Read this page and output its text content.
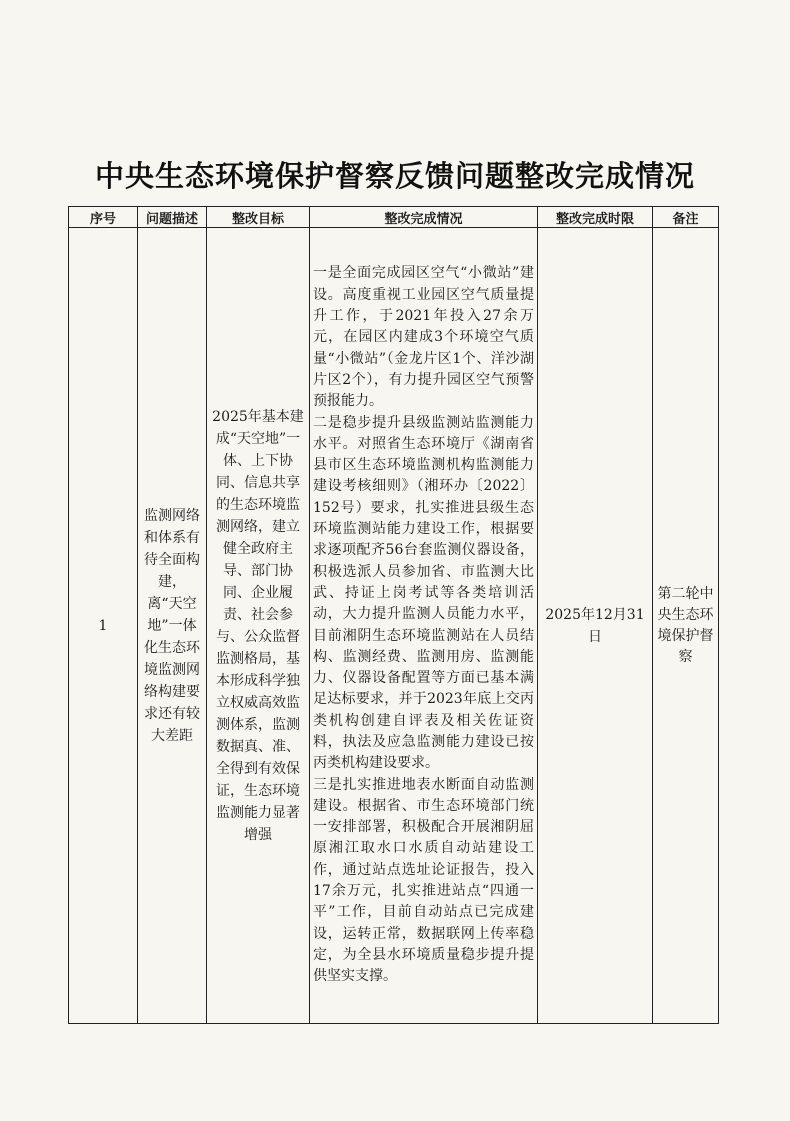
中央生态环境保护督察反馈问题整改完成情况
序号	问题描述	整改目标	整改完成情况	整改完成时限	备注
1	监测网络和体系有待全面构建，离“天空地”一体化生态环境监测网络构建要求还有较大差距	2025年基本建成“天空地”一体、上下协同、信息共享的生态环境监测网络，建立健全政府主导、部门协同、企业履责、社会参与、公众监督监测格局，基本形成科学独立权威高效监测体系，监测数据真、准、全得到有效保证，生态环境监测能力显著增强	一是全面完成园区空气“小微站”建设。高度重视工业园区空气质量提升工作，于2021年投入27余万元，在园区内建成3个环境空气质量“小微站”（金龙片区1个、洋沙湖片区2个），有力提升园区空气预警预报能力。

二是稳步提升县级监测站监测能力水平。对照省生态环境厅《湖南省县市区生态环境监测机构监测能力建设考核细则》（湘环办〔2022〕152号）要求，扎实推进县级生态环境监测站能力建设工作，根据要求逐项配齐56台套监测仪器设备，积极选派人员参加省、市监测大比武、持证上岗考试等各类培训活动，大力提升监测人员能力水平，目前湘阴生态环境监测站在人员结构、监测经费、监测用房、监测能力、仪器设备配置等方面已基本满足达标要求，并于2023年底上交丙类机构创建自评表及相关佐证资料，执法及应急监测能力建设已按丙类机构建设要求。

三是扎实推进地表水断面自动监测建设。根据省、市生态环境部门统一安排部署，积极配合开展湘阴屈原湘江取水口水质自动站建设工作，通过站点选址论证报告，投入17余万元，扎实推进站点“四通一平”工作，目前自动站点已完成建设，运转正常，数据联网上传率稳定，为全县水环境质量稳步提升提供坚实支撑。	2025年12月31日	第二轮中央生态环境保护督察
